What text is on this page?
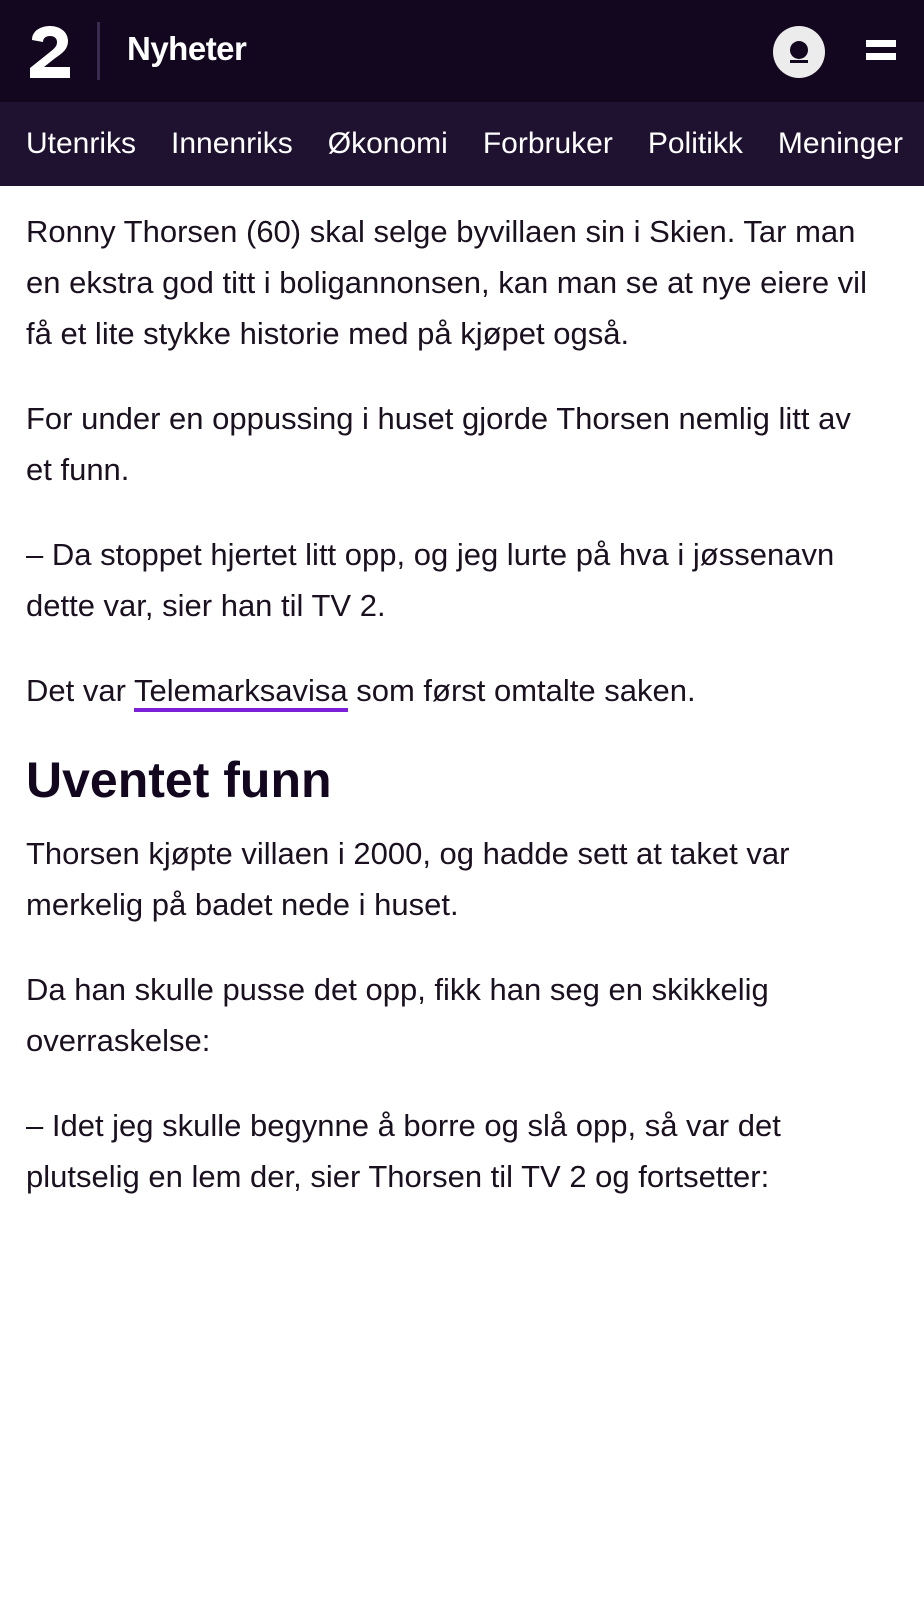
Nyheter
Utenriks Innenriks Økonomi Forbruker Politikk Meninger

Ronny Thorsen (60) skal selge byvillaen sin i Skien. Tar man en ekstra god titt i boligannonsen, kan man se at nye eiere vil få et lite stykke historie med på kjøpet også.

For under en oppussing i huset gjorde Thorsen nemlig litt av et funn.

– Da stoppet hjertet litt opp, og jeg lurte på hva i jøssenavn dette var, sier han til TV 2.

Det var Telemarksavisa som først omtalte saken.

Uventet funn

Thorsen kjøpte villaen i 2000, og hadde sett at taket var merkelig på badet nede i huset.

Da han skulle pusse det opp, fikk han seg en skikkelig overraskelse:

– Idet jeg skulle begynne å borre og slå opp, så var det plutselig en lem der, sier Thorsen til TV 2 og fortsetter:
